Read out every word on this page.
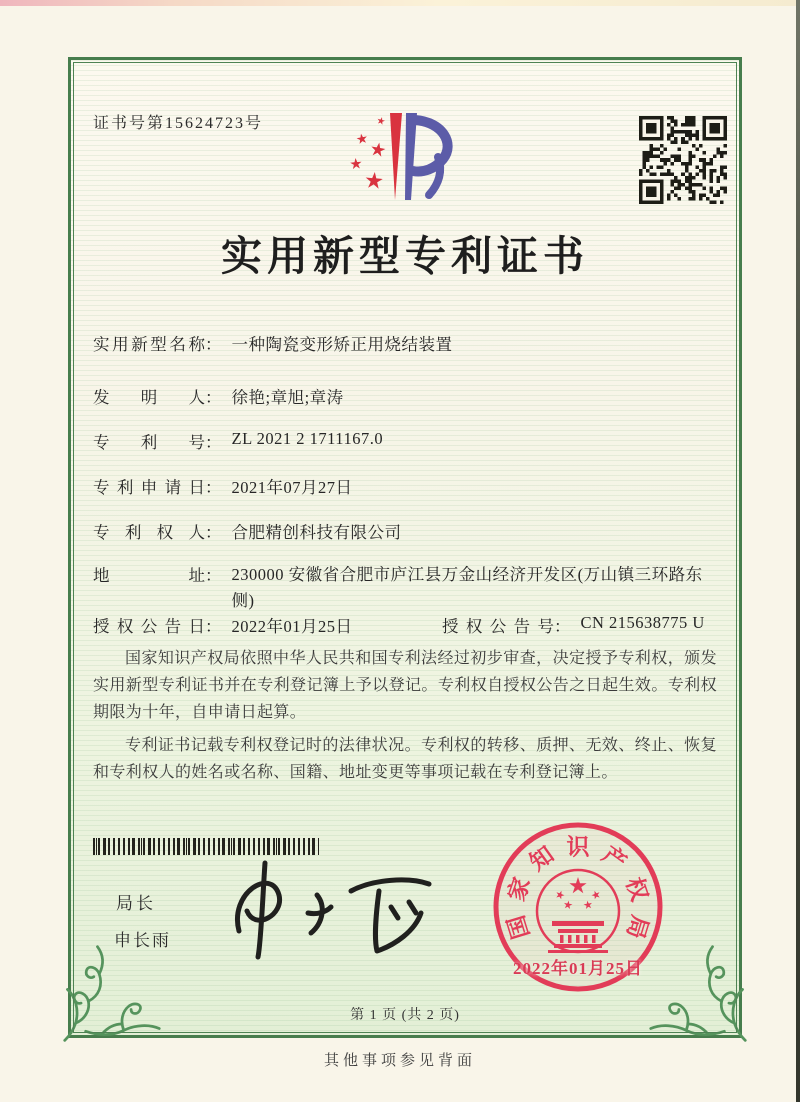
证书号第15624723号
实用新型专利证书
实用新型名称： 一种陶瓷变形矫正用烧结装置
发明人： 徐艳;章旭;章涛
专利号： ZL 2021 2 1711167.0
专利申请日： 2021年07月27日
专利权人： 合肥精创科技有限公司
地址： 230000 安徽省合肥市庐江县万金山经济开发区(万山镇三环路东侧)
授权公告日： 2022年01月25日	授权公告号： CN 215638775 U

国家知识产权局依照中华人民共和国专利法经过初步审查，决定授予专利权，颁发实用新型专利证书并在专利登记簿上予以登记。专利权自授权公告之日起生效。专利权期限为十年，自申请日起算。

专利证书记载专利权登记时的法律状况。专利权的转移、质押、无效、终止、恢复和专利权人的姓名或名称、国籍、地址变更等事项记载在专利登记簿上。

局长
申长雨	国
家
知 识 产
权
局
2022年01月25日
第 1 页 (共 2 页)
其他事项参见背面
